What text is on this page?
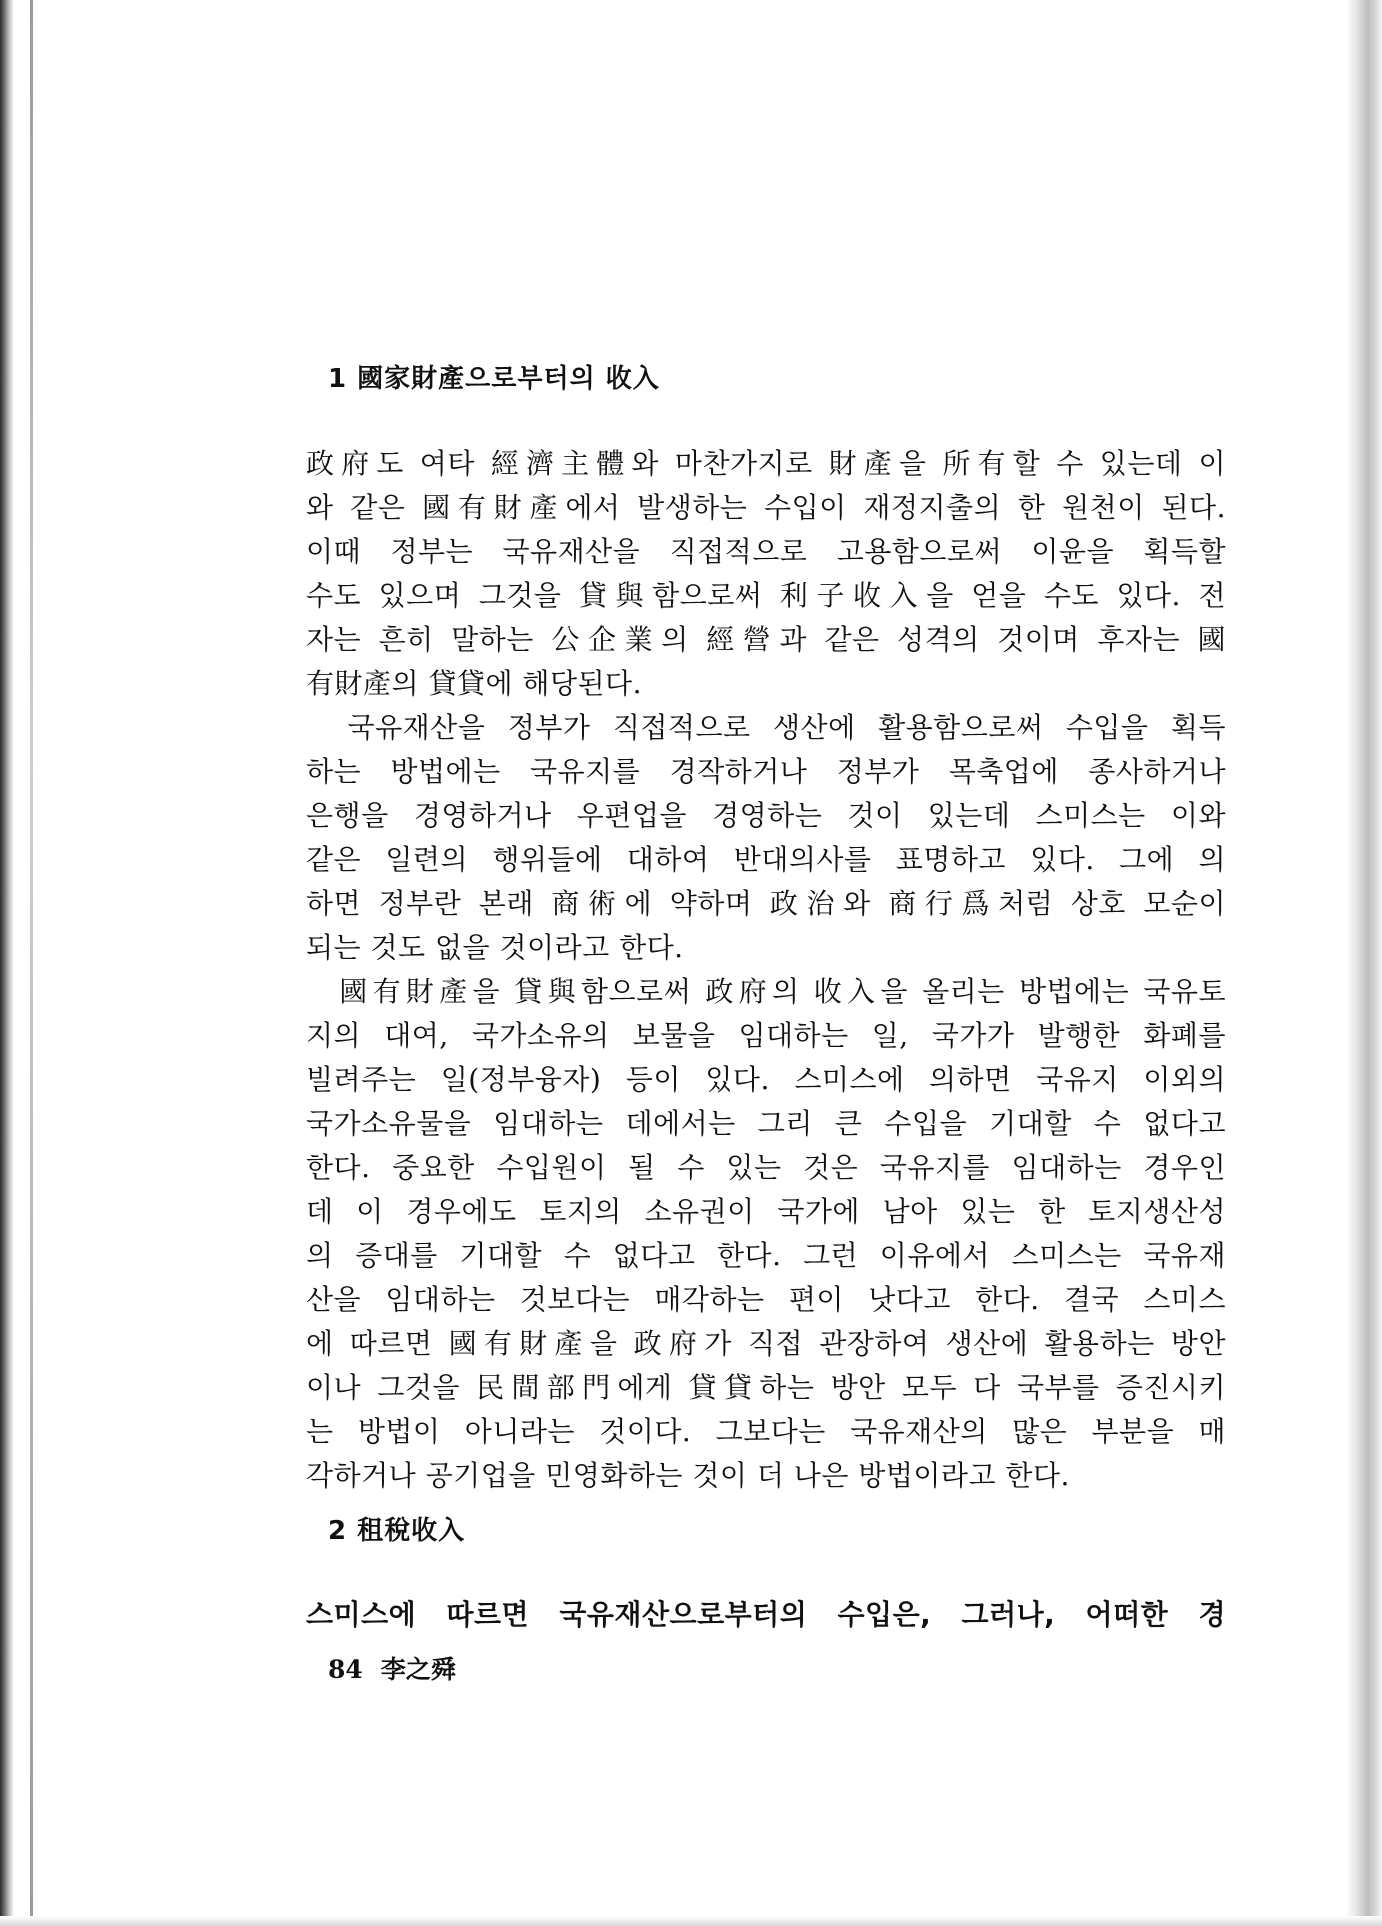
1 國家財產으로부터의 收入
政府도 여타 經濟主體와 마찬가지로 財產을 所有할 수 있는데 이
와 같은 國有財產에서 발생하는 수입이 재정지출의 한 원천이 된다.
이때 정부는 국유재산을 직접적으로 고용함으로써 이윤을 획득할
수도 있으며 그것을 貸與함으로써 利子收入을 얻을 수도 있다. 전
자는 흔히 말하는 公企業의 經營과 같은 성격의 것이며 후자는 國
有財產의 貸貸에 해당된다.
　국유재산을 정부가 직접적으로 생산에 활용함으로써 수입을 획득
하는 방법에는 국유지를 경작하거나 정부가 목축업에 종사하거나
은행을 경영하거나 우편업을 경영하는 것이 있는데 스미스는 이와
같은 일련의 행위들에 대하여 반대의사를 표명하고 있다. 그에 의
하면 정부란 본래 商術에 약하며 政治와 商行爲처럼 상호 모순이
되는 것도 없을 것이라고 한다.
　國有財產을 貸與함으로써 政府의 收入을 올리는 방법에는 국유토
지의 대여, 국가소유의 보물을 임대하는 일, 국가가 발행한 화폐를
빌려주는 일(정부융자) 등이 있다. 스미스에 의하면 국유지 이외의
국가소유물을 임대하는 데에서는 그리 큰 수입을 기대할 수 없다고
한다. 중요한 수입원이 될 수 있는 것은 국유지를 임대하는 경우인
데 이 경우에도 토지의 소유권이 국가에 남아 있는 한 토지생산성
의 증대를 기대할 수 없다고 한다. 그런 이유에서 스미스는 국유재
산을 임대하는 것보다는 매각하는 편이 낫다고 한다. 결국 스미스
에 따르면 國有財產을 政府가 직접 관장하여 생산에 활용하는 방안
이나 그것을 民間部門에게 貸貸하는 방안 모두 다 국부를 증진시키
는 방법이 아니라는 것이다. 그보다는 국유재산의 많은 부분을 매
각하거나 공기업을 민영화하는 것이 더 나은 방법이라고 한다.
2 租稅收入
스미스에 따르면 국유재산으로부터의 수입은, 그러나, 어떠한 경
84 李之舜
